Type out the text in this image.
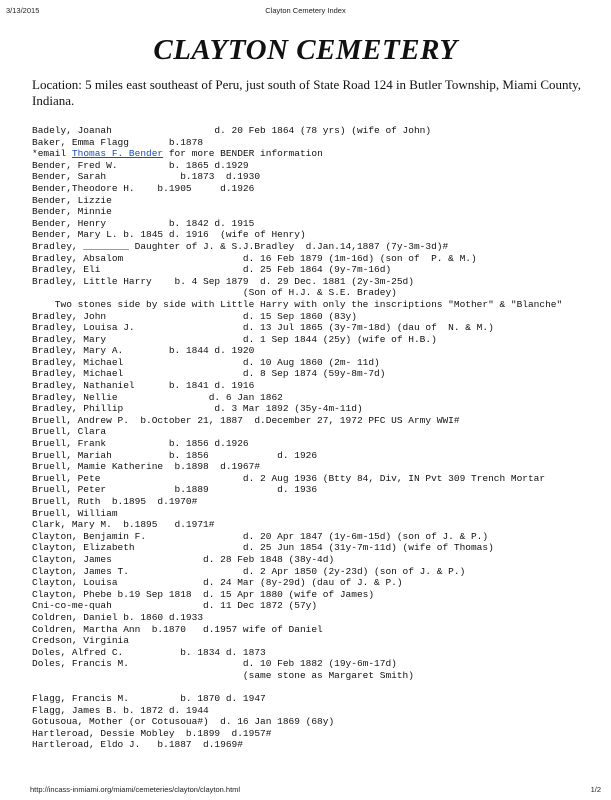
3/13/2015	Clayton Cemetery Index
CLAYTON CEMETERY
Location: 5 miles east southeast of Peru, just south of State Road 124 in Butler Township, Miami County, Indiana.
Badely, Joanah                  d. 20 Feb 1864 (78 yrs) (wife of John)
Baker, Emma Flagg       b.1878
*email Thomas F. Bender for more BENDER information
Bender, Fred W.         b. 1865 d.1929
Bender, Sarah             b.1873  d.1930
Bender,Theodore H.    b.1905     d.1926
Bender, Lizzie
Bender, Minnie
Bender, Henry           b. 1842 d. 1915
Bender, Mary L. b. 1845 d. 1916  (wife of Henry)
Bradley, ________ Daughter of J. & S.J.Bradley  d.Jan.14,1887 (7y-3m-3d)#
Bradley, Absalom                     d. 16 Feb 1879 (1m-16d) (son of  P. & M.)
Bradley, Eli                         d. 25 Feb 1864 (9y-7m-16d)
Bradley, Little Harry    b. 4 Sep 1879  d. 29 Dec. 1881 (2y-3m-25d)
(Son of H.J. & S.E. Bradey)
Two stones side by side with Little Harry with only the inscriptions "Mother" & "Blanche"
Bradley, John                        d. 15 Sep 1860 (83y)
Bradley, Louisa J.                   d. 13 Jul 1865 (3y-7m-18d) (dau of  N. & M.)
Bradley, Mary                        d. 1 Sep 1844 (25y) (wife of H.B.)
Bradley, Mary A.        b. 1844 d. 1920
Bradley, Michael                     d. 10 Aug 1860 (2m- 11d)
Bradley, Michael                     d. 8 Sep 1874 (59y-8m-7d)
Bradley, Nathaniel      b. 1841 d. 1916
Bradley, Nellie                d. 6 Jan 1862
Bradley, Phillip                d. 3 Mar 1892 (35y-4m-11d)
Bruell, Andrew P.  b.October 21, 1887  d.December 27, 1972 PFC US Army WWI#
Bruell, Clara
Bruell, Frank           b. 1856 d.1926
Bruell, Mariah          b. 1856            d. 1926
Bruell, Mamie Katherine  b.1898  d.1967#
Bruell, Pete                         d. 2 Aug 1936 (Btty 84, Div, IN Pvt 309 Trench Mortar
Bruell, Peter            b.1889            d. 1936
Bruell, Ruth  b.1895  d.1970#
Bruell, William
Clark, Mary M.  b.1895   d.1971#
Clayton, Benjamin F.                 d. 20 Apr 1847 (1y-6m-15d) (son of J. & P.)
Clayton, Elizabeth                   d. 25 Jun 1854 (31y-7m-11d) (wife of Thomas)
Clayton, James                d. 28 Feb 1848 (38y-4d)
Clayton, James T.                    d. 2 Apr 1850 (2y-23d) (son of J. & P.)
Clayton, Louisa               d. 24 Mar (8y-29d) (dau of J. & P.)
Clayton, Phebe b.19 Sep 1818  d. 15 Apr 1880 (wife of James)
Cni-co-me-quah                d. 11 Dec 1872 (57y)
Coldren, Daniel b. 1860 d.1933
Coldren, Martha Ann  b.1870   d.1957 wife of Daniel
Credson, Virginia
Doles, Alfred C.          b. 1834 d. 1873
Doles, Francis M.                    d. 10 Feb 1882 (19y-6m-17d)
(same stone as Margaret Smith)
Flagg, Francis M.         b. 1870 d. 1947
Flagg, James B. b. 1872 d. 1944
Gotusoua, Mother (or Cotusoua#)  d. 16 Jan 1869 (68y)
Hartleroad, Dessie Mobley  b.1899  d.1957#
Hartleroad, Eldo J.   b.1887  d.1969#
http://incass-inmiami.org/miami/cemeteries/clayton/clayton.html	1/2
